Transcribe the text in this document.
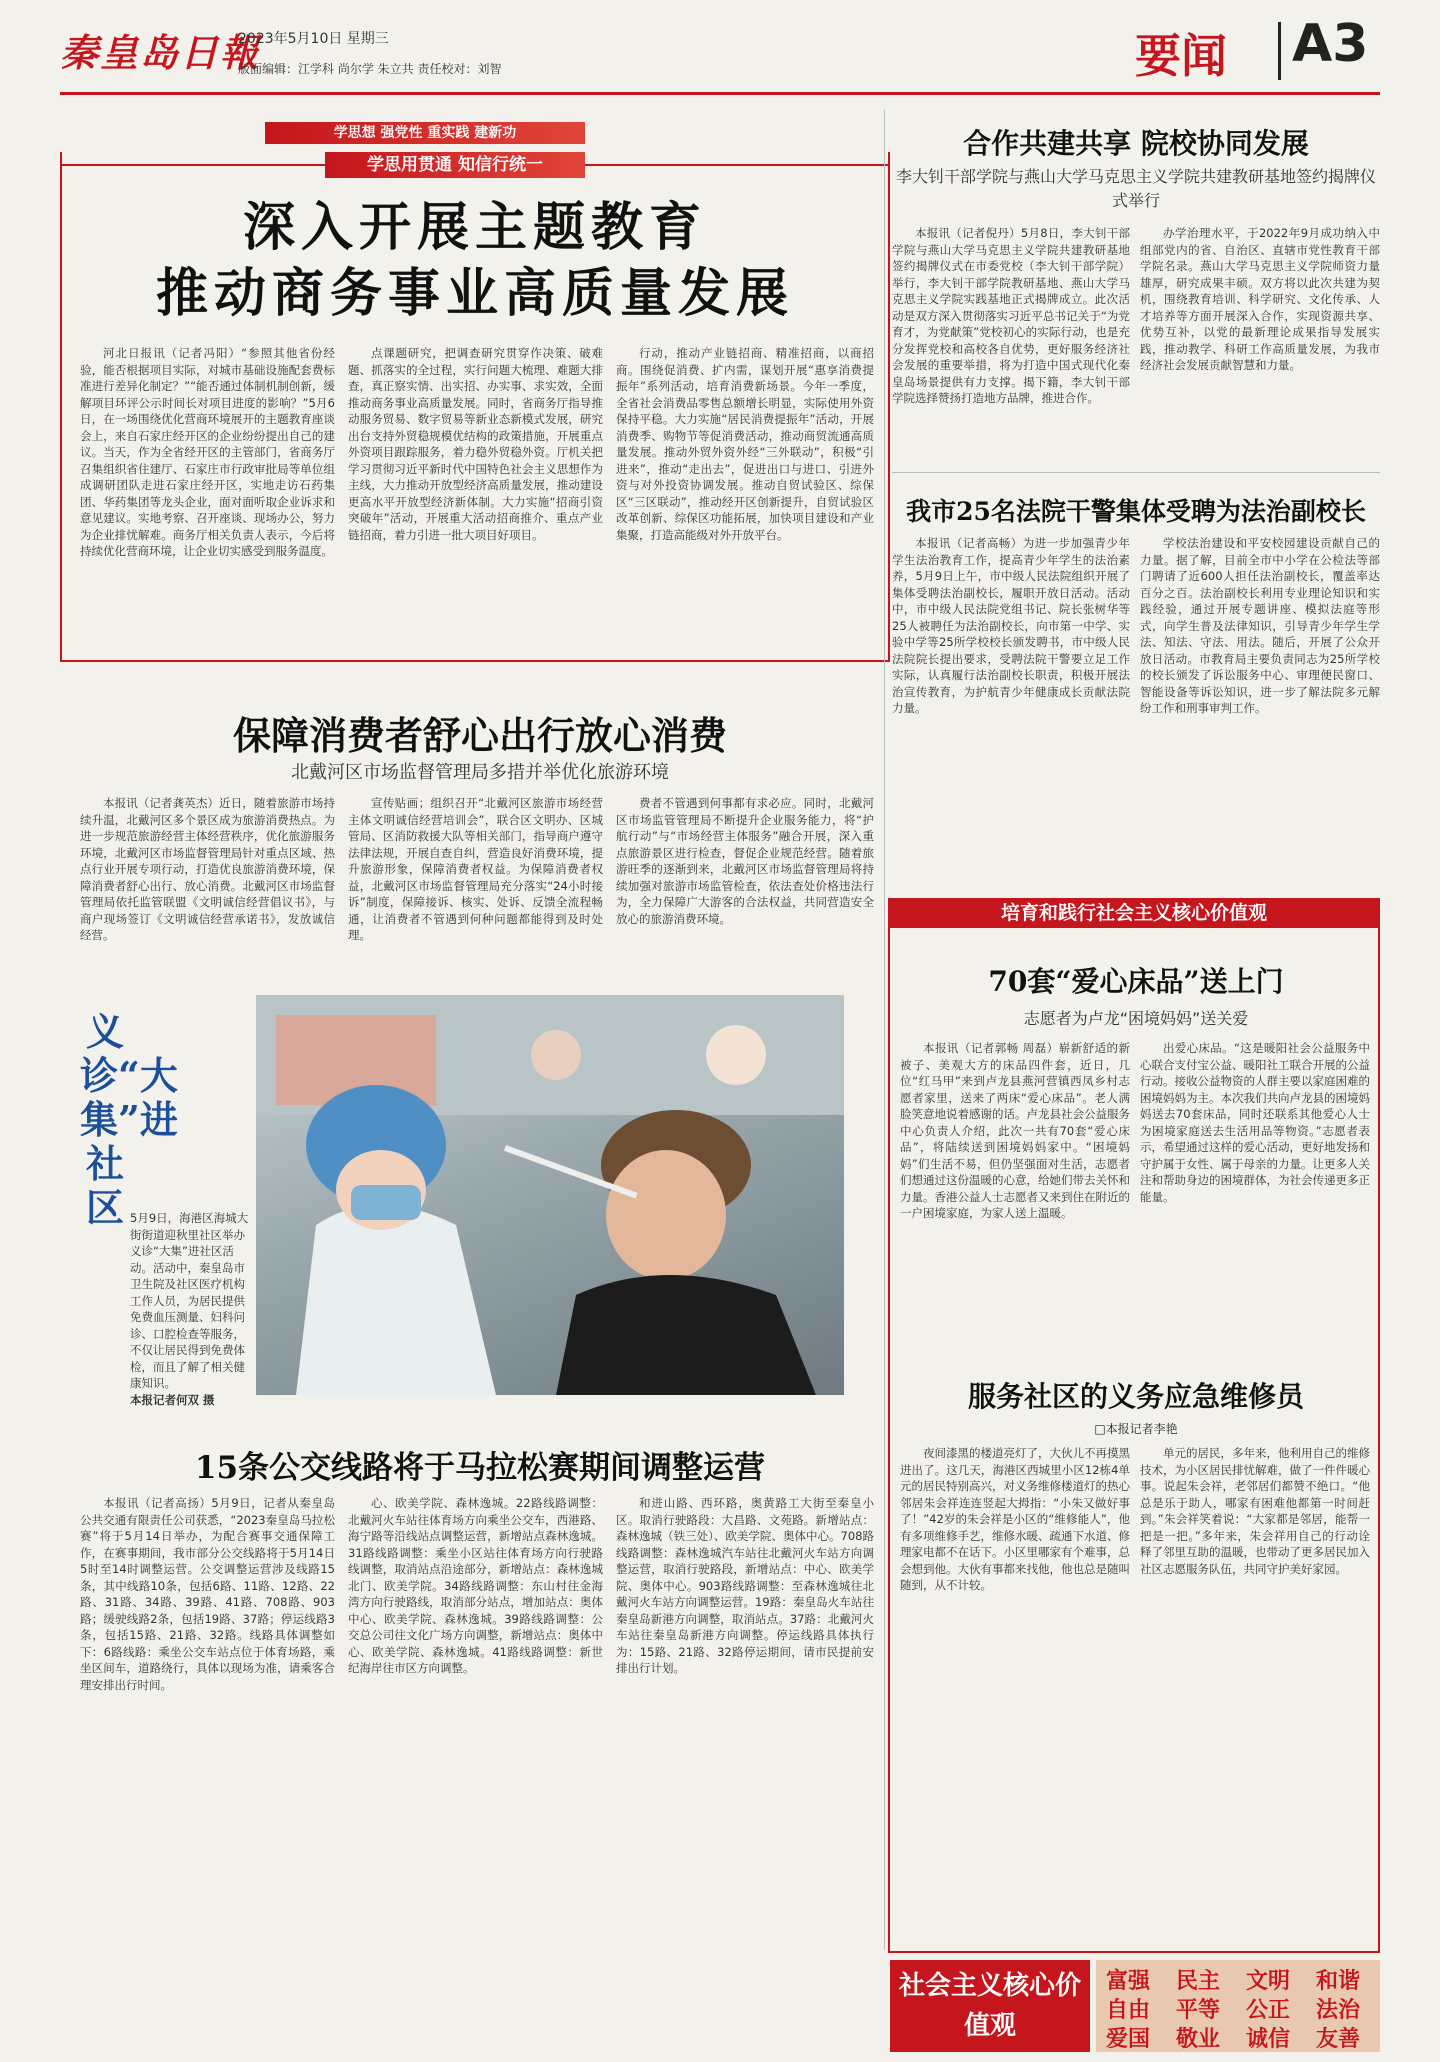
秦皇岛日報
2023年5月10日 星期三
版面编辑：江学科 尚尔学 朱立共 责任校对：刘智	要闻 A3
学思想 强党性 重实践 建新功
学思用贯通 知信行统一
深入开展主题教育
推动商务事业高质量发展

河北日报讯（记者冯阳）“参照其他省份经验，能否根据项目实际，对城市基础设施配套费标准进行差异化制定？”“能否通过体制机制创新，缓解项目环评公示时间长对项目进度的影响？”5月6日，在一场围绕优化营商环境展开的主题教育座谈会上，来自石家庄经开区的企业纷纷提出自己的建议。当天，作为全省经开区的主管部门，省商务厅召集组织省住建厅、石家庄市行政审批局等单位组成调研团队走进石家庄经开区，实地走访石药集团、华药集团等龙头企业，面对面听取企业诉求和意见建议。实地考察、召开座谈、现场办公，努力为企业排忧解难。商务厅相关负责人表示，今后将持续优化营商环境，让企业切实感受到服务温度。

点课题研究，把调查研究贯穿作决策、破难题、抓落实的全过程，实行问题大梳理、难题大排查，真正察实情、出实招、办实事、求实效，全面推动商务事业高质量发展。同时，省商务厅指导推动服务贸易、数字贸易等新业态新模式发展，研究出台支持外贸稳规模优结构的政策措施，开展重点外资项目跟踪服务，着力稳外贸稳外资。厅机关把学习贯彻习近平新时代中国特色社会主义思想作为主线，大力推动开放型经济高质量发展，推动建设更高水平开放型经济新体制。大力实施“招商引资突破年”活动，开展重大活动招商推介、重点产业链招商，着力引进一批大项目好项目。

行动，推动产业链招商、精准招商，以商招商。围绕促消费、扩内需，谋划开展“惠享消费提振年”系列活动，培育消费新场景。今年一季度，全省社会消费品零售总额增长明显，实际使用外资保持平稳。大力实施“居民消费提振年”活动，开展消费季、购物节等促消费活动，推动商贸流通高质量发展。推动外贸外资外经“三外联动”，积极“引进来”，推动“走出去”，促进出口与进口、引进外资与对外投资协调发展。推动自贸试验区、综保区“三区联动”，推动经开区创新提升，自贸试验区改革创新、综保区功能拓展，加快项目建设和产业集聚，打造高能级对外开放平台。

保障消费者舒心出行放心消费
北戴河区市场监督管理局多措并举优化旅游环境

本报讯（记者龚英杰）近日，随着旅游市场持续升温，北戴河区多个景区成为旅游消费热点。为进一步规范旅游经营主体经营秩序，优化旅游服务环境，北戴河区市场监督管理局针对重点区域、热点行业开展专项行动，打造优良旅游消费环境，保障消费者舒心出行、放心消费。北戴河区市场监督管理局依托监管联盟《文明诚信经营倡议书》，与商户现场签订《文明诚信经营承诺书》，发放诚信经营。

宣传贴画；组织召开“北戴河区旅游市场经营主体文明诚信经营培训会”，联合区文明办、区城管局、区消防救援大队等相关部门，指导商户遵守法律法规，开展自查自纠，营造良好消费环境，提升旅游形象，保障消费者权益。为保障消费者权益，北戴河区市场监督管理局充分落实“24小时接诉”制度，保障接诉、核实、处诉、反馈全流程畅通，让消费者不管遇到何种问题都能得到及时处理。

费者不管遇到何事都有求必应。同时，北戴河区市场监管管理局不断提升企业服务能力，将“护航行动”与“市场经营主体服务”融合开展，深入重点旅游景区进行检查，督促企业规范经营。随着旅游旺季的逐渐到来，北戴河区市场监督管理局将持续加强对旅游市场监管检查，依法查处价格违法行为，全力保障广大游客的合法权益，共同营造安全放心的旅游消费环境。

义诊“大集”进社区 5月9日，海港区海城大街街道迎秋里社区举办义诊“大集”进社区活动。活动中，秦皇岛市卫生院及社区医疗机构工作人员，为居民提供免费血压测量、妇科问诊、口腔检查等服务，不仅让居民得到免费体检，而且了解了相关健康知识。

本报记者何双 摄

15条公交线路将于马拉松赛期间调整运营

本报讯（记者高扬）5月9日，记者从秦皇岛公共交通有限责任公司获悉，“2023秦皇岛马拉松赛”将于5月14日举办，为配合赛事交通保障工作，在赛事期间，我市部分公交线路将于5月14日5时至14时调整运营。公交调整运营涉及线路15条，其中线路10条，包括6路、11路、12路、22路、31路、34路、39路、41路、708路、903路；缓驶线路2条，包括19路、37路；停运线路3条，包括15路、21路、32路。线路具体调整如下：6路线路：乘坐公交车站点位于体育场路，乘坐区间车，道路绕行，具体以现场为准，请乘客合理安排出行时间。

心、欧美学院、森林逸城。22路线路调整：北戴河火车站往体育场方向乘坐公交车，西港路、海宁路等沿线站点调整运营，新增站点森林逸城。31路线路调整：乘坐小区站往体育场方向行驶路线调整，取消站点沿途部分，新增站点：森林逸城北门、欧美学院。34路线路调整：东山村往金海湾方向行驶路线，取消部分站点，增加站点：奥体中心、欧美学院、森林逸城。39路线路调整：公交总公司往文化广场方向调整，新增站点：奥体中心、欧美学院、森林逸城。41路线路调整：新世纪海岸往市区方向调整。

和进山路、西环路，奥黄路工大街至秦皇小区。取消行驶路段：大昌路、文苑路。新增站点：森林逸城（铁三处）、欧美学院、奥体中心。708路线路调整：森林逸城汽车站往北戴河火车站方向调整运营，取消行驶路段，新增站点：中心、欧美学院、奥体中心。903路线路调整：至森林逸城往北戴河火车站方向调整运营。19路：秦皇岛火车站往秦皇岛新港方向调整，取消站点。37路：北戴河火车站往秦皇岛新港方向调整。停运线路具体执行为：15路、21路、32路停运期间，请市民提前安排出行计划。

合作共建共享 院校协同发展
李大钊干部学院与燕山大学马克思主义学院共建教研基地签约揭牌仪式举行

本报讯（记者倪丹）5月8日，李大钊干部学院与燕山大学马克思主义学院共建教研基地签约揭牌仪式在市委党校（李大钊干部学院）举行，李大钊干部学院教研基地、燕山大学马克思主义学院实践基地正式揭牌成立。此次活动是双方深入贯彻落实习近平总书记关于“为党育才，为党献策”党校初心的实际行动，也是充分发挥党校和高校各自优势，更好服务经济社会发展的重要举措，将为打造中国式现代化秦皇岛场景提供有力支撑。揭下籍，李大钊干部学院选择赞扬打造地方品牌，推进合作。

办学治理水平，于2022年9月成功纳入中组部党内的省、自治区、直辖市党性教育干部学院名录。燕山大学马克思主义学院师资力量雄厚，研究成果丰硕。双方将以此次共建为契机，围绕教育培训、科学研究、文化传承、人才培养等方面开展深入合作，实现资源共享、优势互补，以党的最新理论成果指导发展实践，推动教学、科研工作高质量发展，为我市经济社会发展贡献智慧和力量。

我市25名法院干警集体受聘为法治副校长

本报讯（记者高畅）为进一步加强青少年学生法治教育工作，提高青少年学生的法治素养，5月9日上午，市中级人民法院组织开展了集体受聘法治副校长，履职开放日活动。活动中，市中级人民法院党组书记、院长张树华等25人被聘任为法治副校长，向市第一中学、实验中学等25所学校校长颁发聘书，市中级人民法院院长提出要求，受聘法院干警要立足工作实际，认真履行法治副校长职责，积极开展法治宣传教育，为护航青少年健康成长贡献法院力量。

学校法治建设和平安校园建设贡献自己的力量。据了解，目前全市中小学在公检法等部门聘请了近600人担任法治副校长，覆盖率达百分之百。法治副校长利用专业理论知识和实践经验，通过开展专题讲座、模拟法庭等形式，向学生普及法律知识，引导青少年学生学法、知法、守法、用法。随后，开展了公众开放日活动。市教育局主要负责同志为25所学校的校长颁发了诉讼服务中心、审理便民窗口、智能设备等诉讼知识，进一步了解法院多元解纷工作和刑事审判工作。

培育和践行社会主义核心价值观
70套“爱心床品”送上门
志愿者为卢龙“困境妈妈”送关爱

本报讯（记者郭畅 周磊）崭新舒适的新被子、美观大方的床品四件套，近日，几位“红马甲”来到卢龙县燕河营镇西凤乡村志愿者家里，送来了两床“爱心床品”。老人满脸笑意地说着感谢的话。卢龙县社会公益服务中心负责人介绍，此次一共有70套“爱心床品”，将陆续送到困境妈妈家中。“困境妈妈”们生活不易，但仍坚强面对生活，志愿者们想通过这份温暖的心意，给她们带去关怀和力量。香港公益人士志愿者又来到住在附近的一户困境家庭，为家人送上温暖。

出爱心床品。“这是暖阳社会公益服务中心联合支付宝公益、暖阳社工联合开展的公益行动。接收公益物资的人群主要以家庭困难的困境妈妈为主。本次我们共向卢龙县的困境妈妈送去70套床品，同时还联系其他爱心人士为困境家庭送去生活用品等物资。”志愿者表示，希望通过这样的爱心活动，更好地发扬和守护属于女性、属于母亲的力量。让更多人关注和帮助身边的困境群体，为社会传递更多正能量。

服务社区的义务应急维修员
□本报记者李艳

夜间漆黑的楼道亮灯了，大伙儿不再摸黑进出了。这几天，海港区西城里小区12栋4单元的居民特别高兴，对义务维修楼道灯的热心邻居朱会祥连连竖起大拇指：“小朱又做好事了！”42岁的朱会祥是小区的“维修能人”，他有多项维修手艺，维修水暖、疏通下水道、修理家电都不在话下。小区里哪家有个难事，总会想到他。大伙有事都来找他，他也总是随叫随到，从不计较。

单元的居民，多年来，他利用自己的维修技术，为小区居民排忧解难，做了一件件暖心事。说起朱会祥，老邻居们都赞不绝口。“他总是乐于助人，哪家有困难他都第一时间赶到。”朱会祥笑着说：“大家都是邻居，能帮一把是一把。”多年来，朱会祥用自己的行动诠释了邻里互助的温暖，也带动了更多居民加入社区志愿服务队伍，共同守护美好家园。

社会主义核心价值观
富强 民主 文明 和谐
自由 平等 公正 法治
爱国 敬业 诚信 友善
